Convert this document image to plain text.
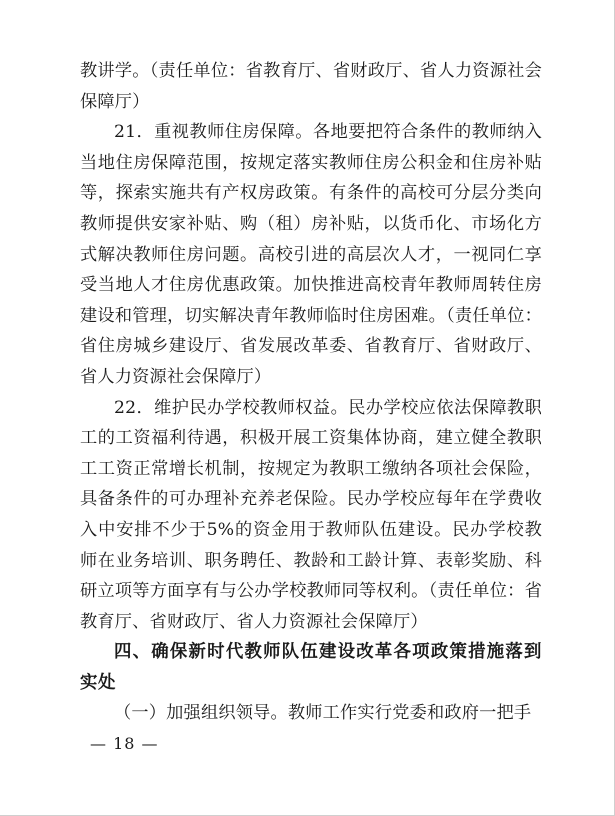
教讲学。（责任单位：省教育厅、省财政厅、省人力资源社会保障厅）

21．重视教师住房保障。各地要把符合条件的教师纳入当地住房保障范围，按规定落实教师住房公积金和住房补贴等，探索实施共有产权房政策。有条件的高校可分层分类向教师提供安家补贴、购（租）房补贴，以货币化、市场化方式解决教师住房问题。高校引进的高层次人才，一视同仁享受当地人才住房优惠政策。加快推进高校青年教师周转住房建设和管理，切实解决青年教师临时住房困难。（责任单位：省住房城乡建设厅、省发展改革委、省教育厅、省财政厅、省人力资源社会保障厅）

22．维护民办学校教师权益。民办学校应依法保障教职工的工资福利待遇，积极开展工资集体协商，建立健全教职工工资正常增长机制，按规定为教职工缴纳各项社会保险，具备条件的可办理补充养老保险。民办学校应每年在学费收入中安排不少于5%的资金用于教师队伍建设。民办学校教师在业务培训、职务聘任、教龄和工龄计算、表彰奖励、科研立项等方面享有与公办学校教师同等权利。（责任单位：省教育厅、省财政厅、省人力资源社会保障厅）

四、确保新时代教师队伍建设改革各项政策措施落到实处

（一）加强组织领导。教师工作实行党委和政府一把手

— 18 —
